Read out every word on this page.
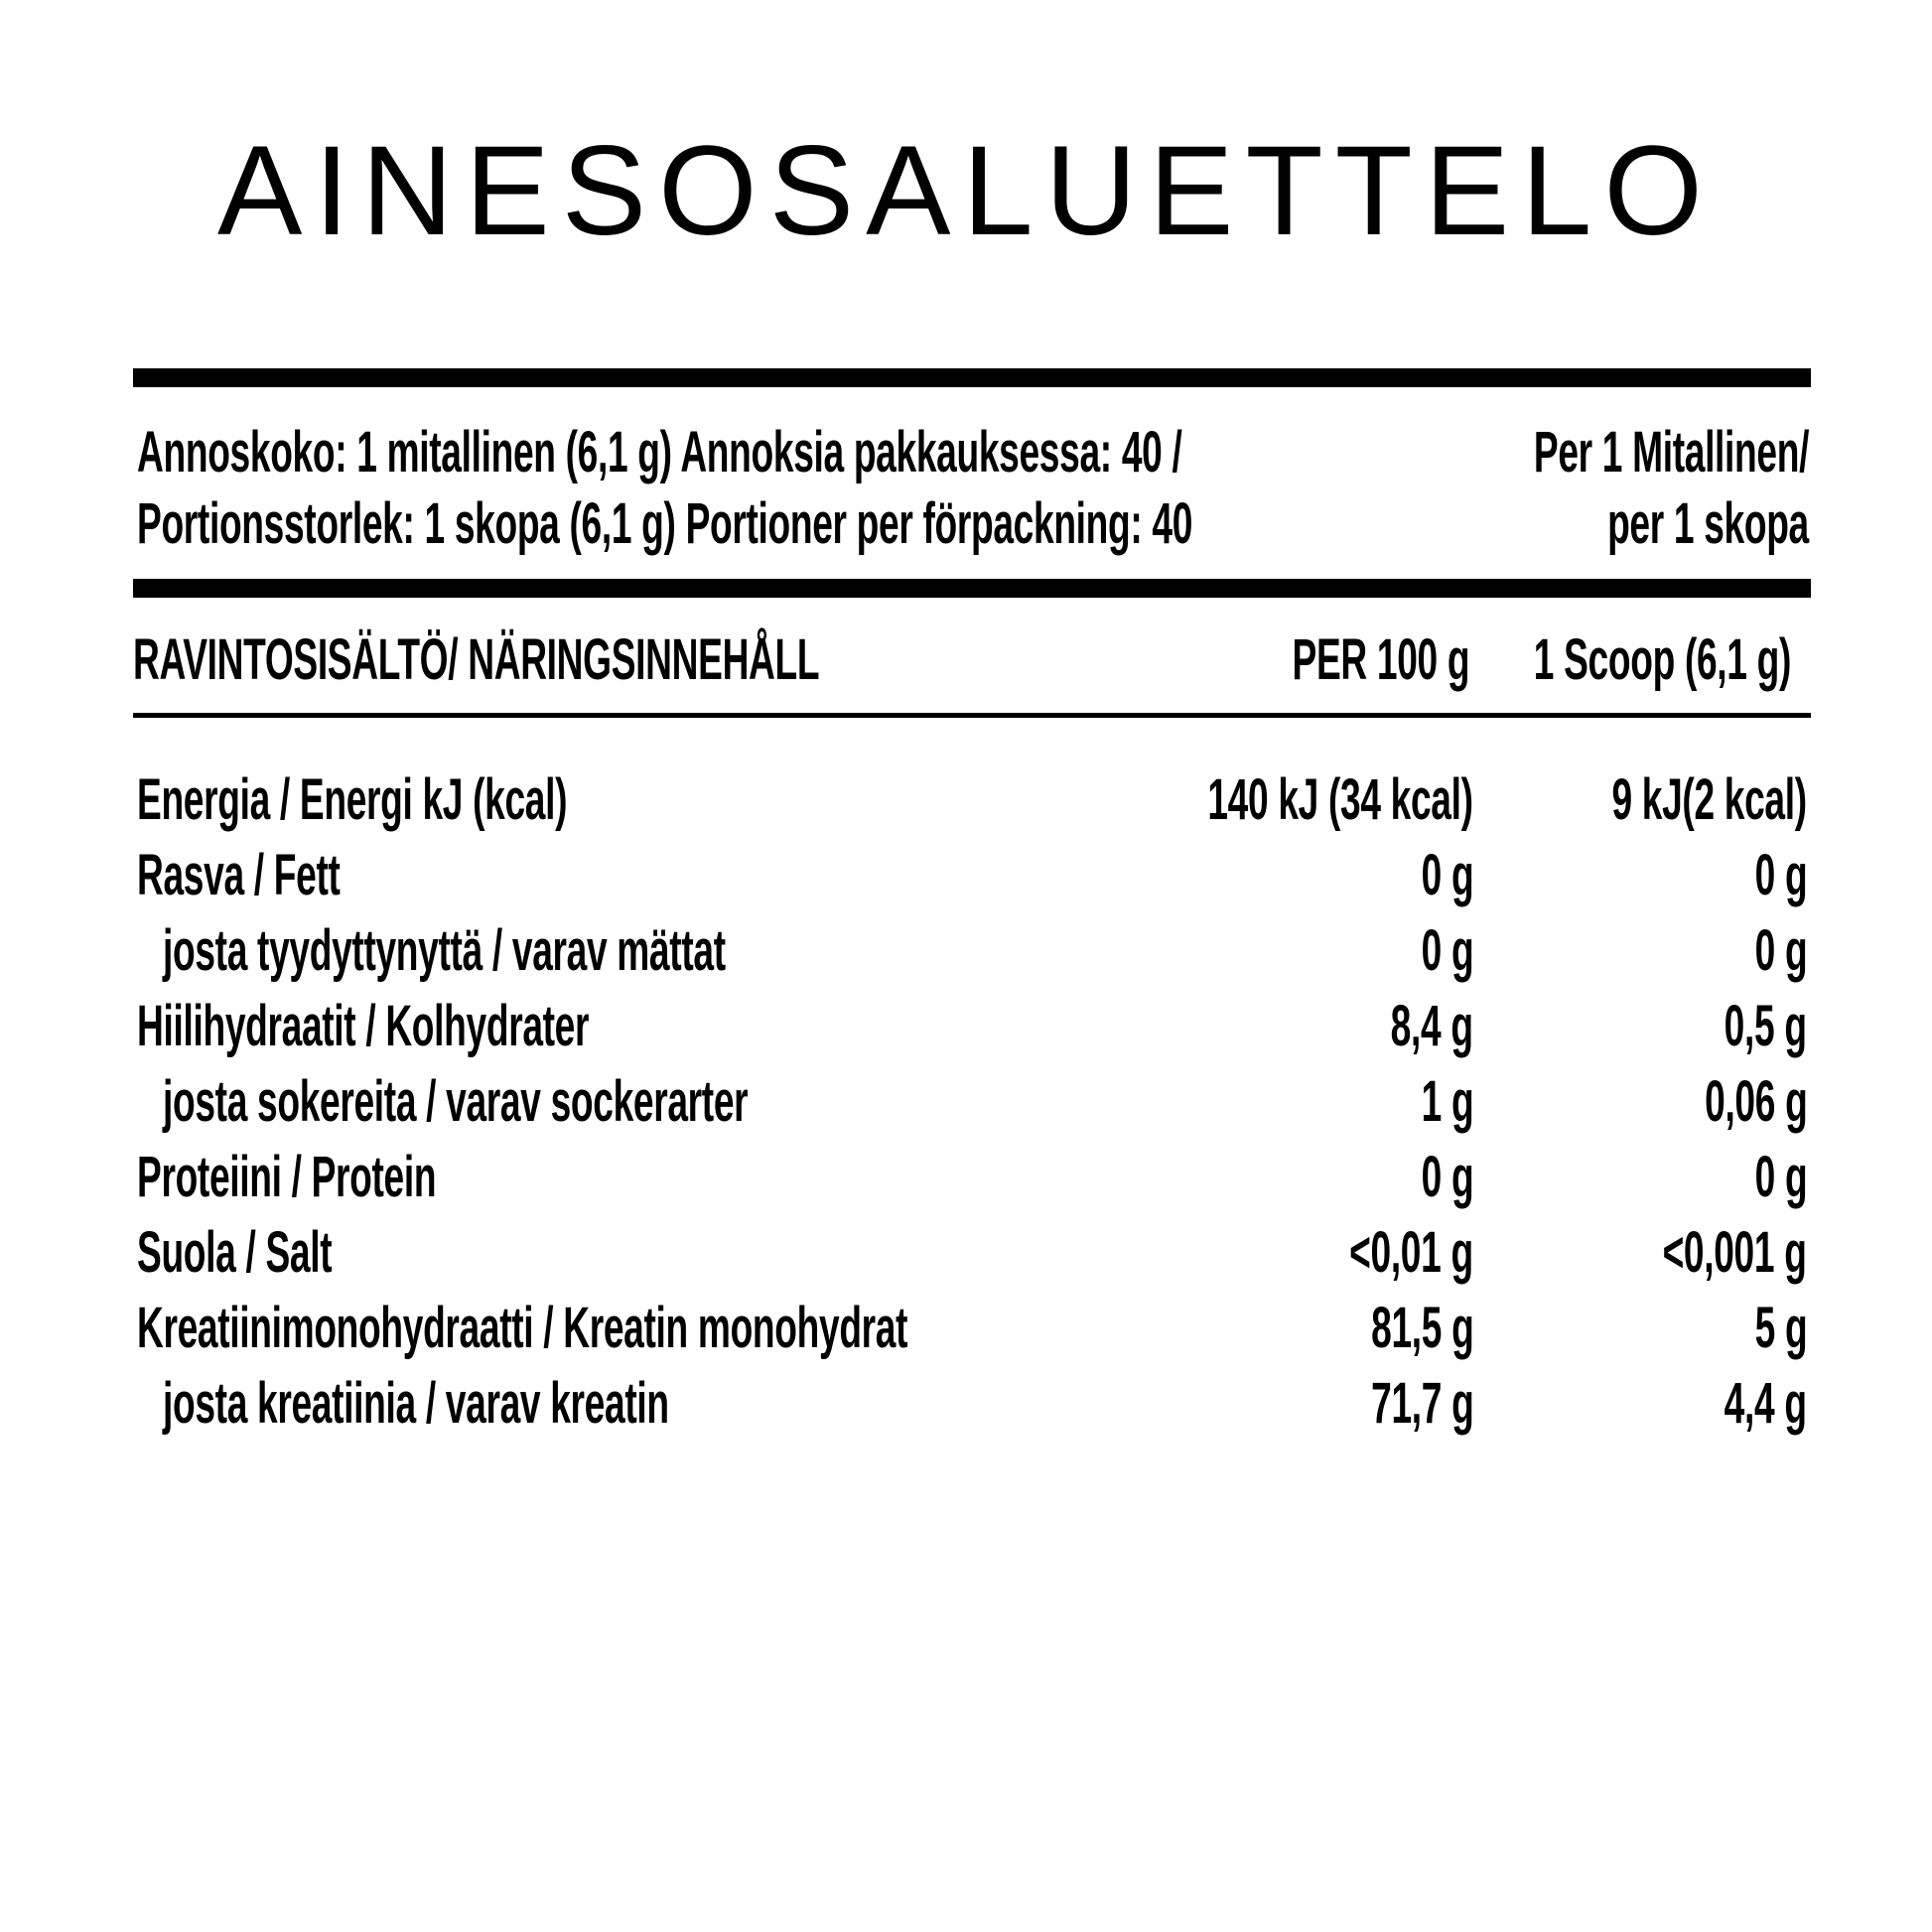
AINESOSALUETTELO
Annoskoko: 1 mitallinen (6,1 g) Annoksia pakkauksessa: 40 /
Portionsstorlek: 1 skopa (6,1 g) Portioner per förpackning: 40
Per 1 Mitallinen/
per 1 skopa
RAVINTOSISÄLTÖ/ NÄRINGSINNEHÅLL	PER 100 g 1 Scoop (6,1 g)
Energia / Energi kJ (kcal)	140 kJ (34 kcal) 9 kJ(2 kcal)
Rasva / Fett	0 g	0 g
josta tyydyttynyttä / varav mättat	0 g	0 g
Hiilihydraatit / Kolhydrater	8,4 g	0,5 g
josta sokereita / varav sockerarter	1 g	0,06 g
Proteiini / Protein	0 g	0 g
Suola / Salt	<0,01 g	<0,001 g
Kreatiinimonohydraatti / Kreatin monohydrat	81,5 g	5 g
josta kreatiinia / varav kreatin	71,7 g	4,4 g
